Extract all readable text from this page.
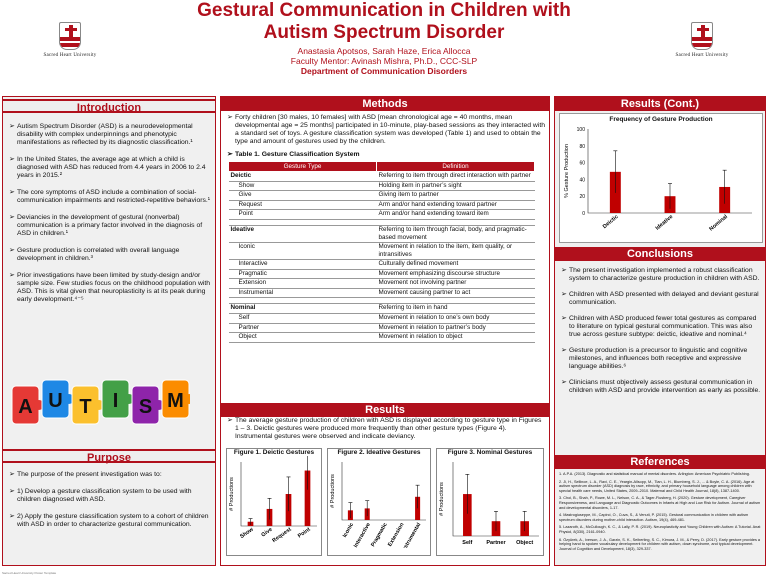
Sacred Heart University	Sacred Heart University
Gestural Communication in Children with
Autism Spectrum Disorder
Anastasia Apotsos, Sarah Haze, Erica Allocca
Faculty Mentor: Avinash Mishra, Ph.D., CCC-SLP
Department of Communication Disorders
Introduction
➢ Autism Spectrum Disorder (ASD) is a neurodevelopmental disability with complex underpinnings and phenotypic manifestations as reflected by its diagnostic classification.¹
➢ In the United States, the average age at which a child is diagnosed with ASD has reduced from 4.4 years in 2006 to 2.4 years in 2015.²
➢ The core symptoms of ASD include a combination of social-communication impairments and restricted-repetitive behaviors.¹
➢ Deviancies in the development of gestural (nonverbal) communication is a primary factor involved in the diagnosis of ASD in children.¹
➢ Gesture production is correlated with overall language development in children.³
➢ Prior investigations have been limited by study-design and/or sample size. Few studies focus on the childhood population with ASD. This is vital given that neuroplasticity is at its peak during early development.⁴⁻⁵
Purpose
➢ The purpose of the present investigation was to:
➢ 1) Develop a gesture classification system to be used with children diagnosed with ASD.
➢ 2) Apply the gesture classification system to a cohort of children with ASD in order to characterize gestural communication.
A U T I S M
Methods
➢ Forty children [30 males, 10 females] with ASD [mean chronological age = 40 months, mean developmental age = 25 months] participated in 10-minute, play-based sessions as they interacted with a standard set of toys. A gesture classification system was developed (Table 1) and used to obtain the type and amount of gestures used by the children.
➢ Table 1. Gesture Classification System
Gesture Type	Definition
Deictic	Referring to item through direct interaction with partner
Show	Holding item in partner’s sight
Give	Giving item to partner
Request	Arm and/or hand extending toward partner
Point	Arm and/or hand extending toward item

Ideative	Referring to item through facial, body, and pragmatic-based movement
Iconic	Movement in relation to the item, item quality, or intransitives
Interactive	Culturally defined movement
Pragmatic	Movement emphasizing discourse structure
Extension	Movement not involving partner
Instrumental	Movement causing partner to act

Nominal	Referring to item in hand
Self	Movement in relation to one’s own body
Partner	Movement in relation to partner’s body
Object	Movement in relation to object
Results
➢ The average gesture production of children with ASD is displayed according to gesture type in Figures 1 – 3. Deictic gestures were produced more frequently than other gesture types (Figure 4). Instrumental gestures were observed and indicate deviancy.
Figure 1. Deictic Gestures
# Productions
Show Give
Request Point
Figure 2. Ideative Gestures
# Productions
Iconic
Interactive
Pragmatic
Extension
Instrumental
Figure 3. Nominal Gestures
# Productions
Self	Partner Object
Results (Cont.)
Frequency of Gesture Production
% Gesture Production
0
20
40
60
80
100
Deictic	Ideative	Nominal
Conclusions
➢ The present investigation implemented a robust classification system to characterize gesture production in children with ASD.
➢ Children with ASD presented with delayed and deviant gestural communication.
➢ Children with ASD produced fewer total gestures as compared to literature on typical gestural communication. This was also true across gesture subtype: deictic, ideative and nominal.⁴
➢ Gesture production is a precursor to linguistic and cognitive milestones, and influences both receptive and expressive language abilities.⁶
➢ Clinicians must objectively assess gestural communication in children with ASD and provide intervention as early as possible.
References
1. A.P.A. (2013). Diagnostic and statistical manual of mental disorders. Arlington: American Psychiatric Publishing.
2. Ji, H., Sellinoe, L. A., Ravi, C. E., Yeargin-Allsopp, M., Tian, L. H., Blumberg, S. J., ... & Boyle, C. A. (2016). Age at autism spectrum disorder (ASD) diagnosis by race, ethnicity, and primary household language among children with special health care needs, United States, 2009–2010. Maternal and Child Health Journal, 18(8), 1387-1400.
3. Choi, B., Shah, P., Rowe, M. L., Nelson, C. A., & Tager-Flusberg, H. (2020). Gesture development, Caregiver Responsiveness, and Language and Diagnostic Outcomes in Infants at High and Low Risk for Autism. Journal of autism and developmental disorders, 1-17.
4. Mastrogiuseppe, M., Capirci, O., Cuva, S., & Venuti, P. (2015). Gestural communication in children with autism spectrum disorders during mother-child interaction. Autism, 19(4), 469-481.
5. Lazaroth, A., McCullough, K. C., & Lally, P. R. (2019). Neuroplasticity and Young Children with Autism: A Tutorial. Anat Physiol, 8(330), 2161-0940.
6. Özyürek, A., Iverson, J. A., Garzin, S. K., Seiberling, S. C., Kimura, J. M., & Perry, D. (2017). Early gesture provides a helping hand to spoken vocabulary development for children with autism, down syndrome, and typical development. Journal of Cognition and Development, 18(3), 329-337.
Sacred Heart University Poster Template
